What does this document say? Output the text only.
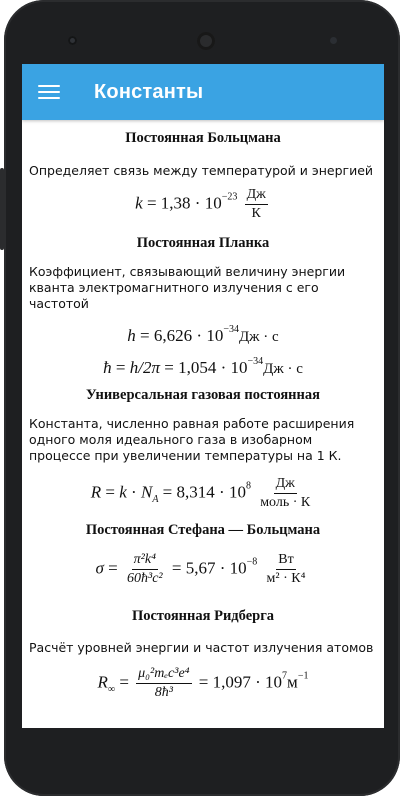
Константы
Постоянная Больцмана

Определяет связь между температурой и энергией

$k = 1,38 \cdot 10^{-23} \frac{Дж}{К}$
Постоянная Планка

Коэффициент, связывающий величину энергии кванта электромагнитного излучения с его частотой

$h = 6,626 \cdot 10^{-34}Дж \cdot с$
ħ = $h/2\pi = 1,054 \cdot 10^{-34}Дж \cdot с$
Универсальная газовая постоянная

Константа, численно равная работе расширения одного моля идеального газа в изобарном процессе при увеличении температуры на 1 К.

$R = k \cdot N_A = 8,314 \cdot 10^8 \frac{Дж}{\text{моль · К}}$
Постоянная Стефана — Больцмана
$\sigma = \frac{\text{π²k⁴}}{\text{60ħ³c²}} = 5,67 \cdot 10^{-8} \frac{Вт}{\text{м² · К⁴}}$
Постоянная Ридберга

Расчёт уровней энергии и частот излучения атомов

$R_\infty = \frac{\text{μ₀²mₑc³e⁴}}{\text{8ħ³}} = 1,097 \cdot 10^7м^{-1}$
